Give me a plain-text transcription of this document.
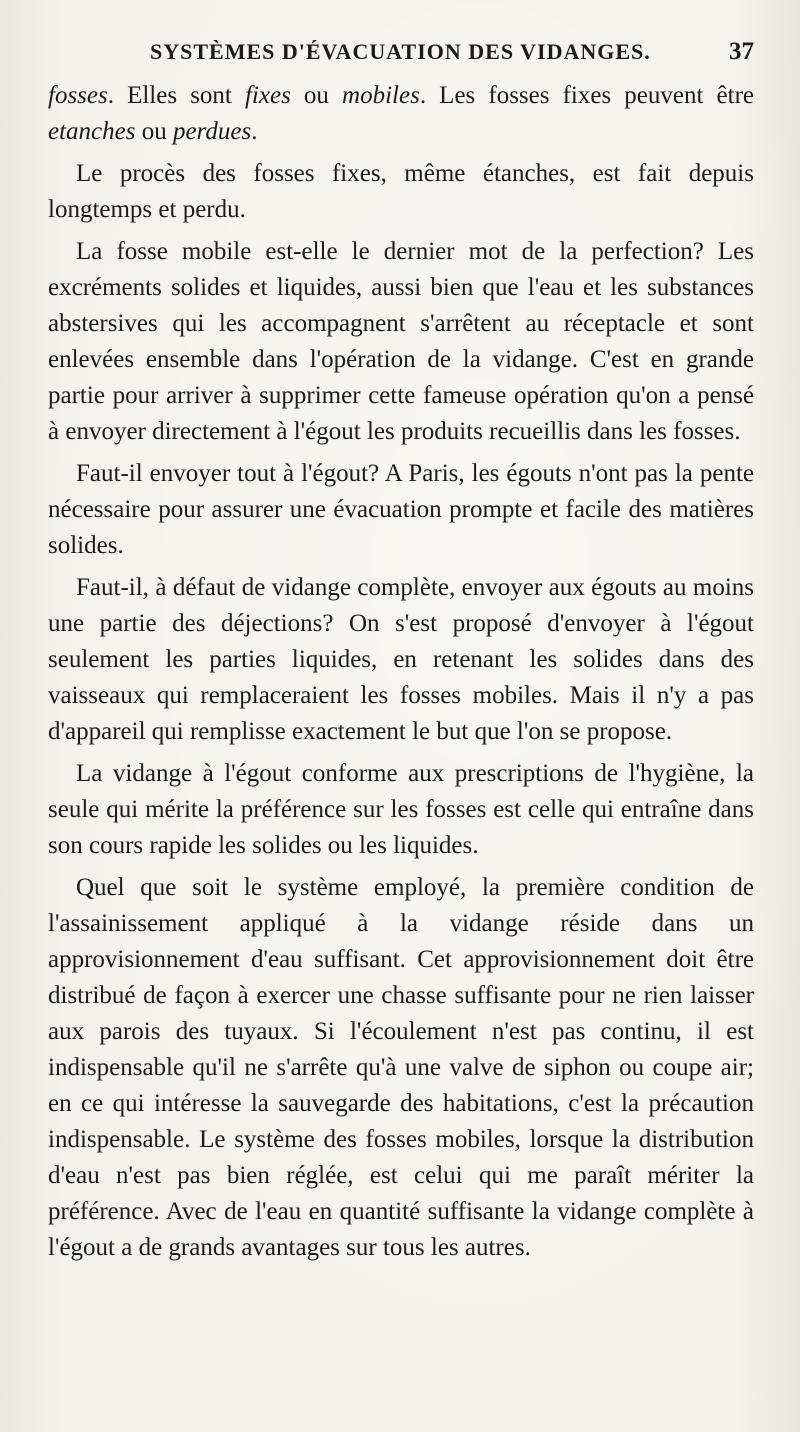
SYSTÈMES D'ÉVACUATION DES VIDANGES.	37

fosses. Elles sont fixes ou mobiles. Les fosses fixes peuvent être etanches ou perdues.

Le procès des fosses fixes, même étanches, est fait depuis longtemps et perdu.

La fosse mobile est-elle le dernier mot de la perfection? Les excréments solides et liquides, aussi bien que l'eau et les substances abstersives qui les accompagnent s'arrêtent au réceptacle et sont enlevées ensemble dans l'opération de la vidange. C'est en grande partie pour arriver à supprimer cette fameuse opération qu'on a pensé à envoyer directement à l'égout les produits recueillis dans les fosses.

Faut-il envoyer tout à l'égout? A Paris, les égouts n'ont pas la pente nécessaire pour assurer une évacuation prompte et facile des matières solides.

Faut-il, à défaut de vidange complète, envoyer aux égouts au moins une partie des déjections? On s'est proposé d'envoyer à l'égout seulement les parties liquides, en retenant les solides dans des vaisseaux qui remplaceraient les fosses mobiles. Mais il n'y a pas d'appareil qui remplisse exactement le but que l'on se propose.

La vidange à l'égout conforme aux prescriptions de l'hygiène, la seule qui mérite la préférence sur les fosses est celle qui entraîne dans son cours rapide les solides ou les liquides.

Quel que soit le système employé, la première condition de l'assainissement appliqué à la vidange réside dans un approvisionnement d'eau suffisant. Cet approvisionnement doit être distribué de façon à exercer une chasse suffisante pour ne rien laisser aux parois des tuyaux. Si l'écoulement n'est pas continu, il est indispensable qu'il ne s'arrête qu'à une valve de siphon ou coupe air; en ce qui intéresse la sauvegarde des habitations, c'est la précaution indispensable. Le système des fosses mobiles, lorsque la distribution d'eau n'est pas bien réglée, est celui qui me paraît mériter la préférence. Avec de l'eau en quantité suffisante la vidange complète à l'égout a de grands avantages sur tous les autres.
